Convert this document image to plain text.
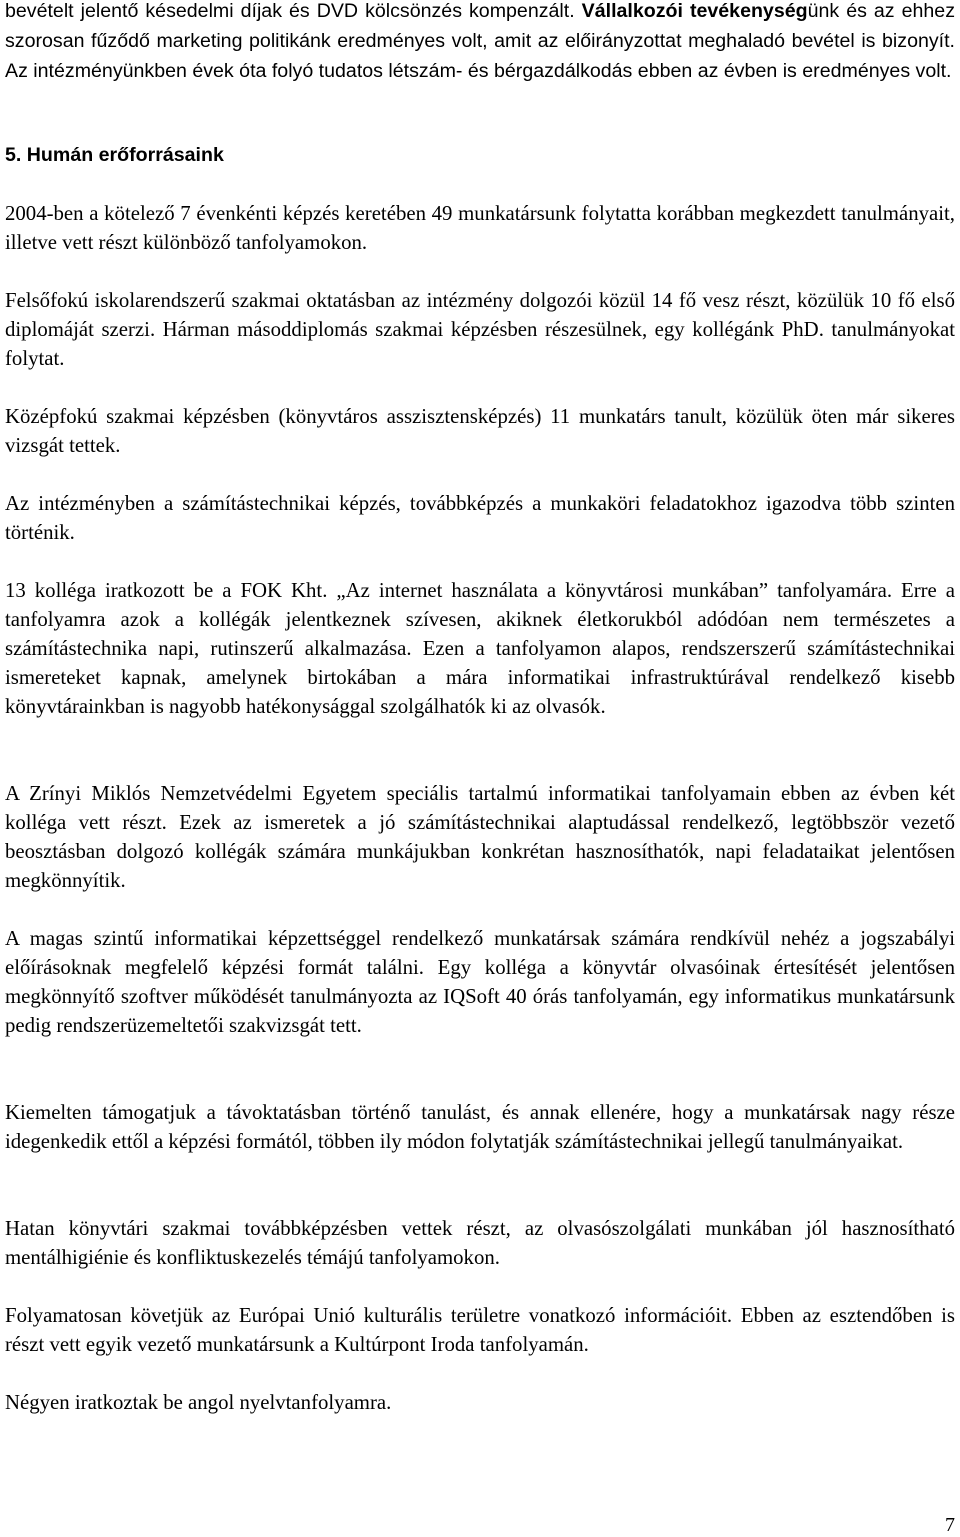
bevételt jelentő késedelmi díjak és DVD kölcsönzés kompenzált. Vállalkozói tevékenységünk és az ehhez szorosan fűződő marketing politikánk eredményes volt, amit az előirányzottat meghaladó bevétel is bizonyít. Az intézményünkben évek óta folyó tudatos létszám- és bérgazdálkodás ebben az évben is eredményes volt.

5. Humán erőforrásaink

2004-ben a kötelező 7 évenkénti képzés keretében 49 munkatársunk folytatta korábban megkezdett tanulmányait, illetve vett részt különböző tanfolyamokon.

Felsőfokú iskolarendszerű szakmai oktatásban az intézmény dolgozói közül 14 fő vesz részt, közülük 10 fő első diplomáját szerzi. Hárman másoddiplomás szakmai képzésben részesülnek, egy kollégánk PhD. tanulmányokat folytat.

Középfokú szakmai képzésben (könyvtáros asszisztensképzés) 11 munkatárs tanult, közülük öten már sikeres vizsgát tettek.

Az intézményben a számítástechnikai képzés, továbbképzés a munkaköri feladatokhoz igazodva több szinten történik.

13 kolléga iratkozott be a FOK Kht. „Az internet használata a könyvtárosi munkában” tanfolyamára. Erre a tanfolyamra azok a kollégák jelentkeznek szívesen, akiknek életkorukból adódóan nem természetes a számítástechnika napi, rutinszerű alkalmazása. Ezen a tanfolyamon alapos, rendszerszerű számítástechnikai ismereteket kapnak, amelynek birtokában a mára informatikai infrastruktúrával rendelkező kisebb könyvtárainkban is nagyobb hatékonysággal szolgálhatók ki az olvasók.

A Zrínyi Miklós Nemzetvédelmi Egyetem speciális tartalmú informatikai tanfolyamain ebben az évben két kolléga vett részt. Ezek az ismeretek a jó számítástechnikai alaptudással rendelkező, legtöbbször vezető beosztásban dolgozó kollégák számára munkájukban konkrétan hasznosíthatók, napi feladataikat jelentősen megkönnyítik.

A magas szintű informatikai képzettséggel rendelkező munkatársak számára rendkívül nehéz a jogszabályi előírásoknak megfelelő képzési formát találni. Egy kolléga a könyvtár olvasóinak értesítését jelentősen megkönnyítő szoftver működését tanulmányozta az IQSoft 40 órás tanfolyamán, egy informatikus munkatársunk pedig rendszerüzemeltetői szakvizsgát tett.

Kiemelten támogatjuk a távoktatásban történő tanulást, és annak ellenére, hogy a munkatársak nagy része idegenkedik ettől a képzési formától, többen ily módon folytatják számítástechnikai jellegű tanulmányaikat.

Hatan könyvtári szakmai továbbképzésben vettek részt, az olvasószolgálati munkában jól hasznosítható mentálhigiénie és konfliktuskezelés témájú tanfolyamokon.

Folyamatosan követjük az Európai Unió kulturális területre vonatkozó információit. Ebben az esztendőben is részt vett egyik vezető munkatársunk a Kultúrpont Iroda tanfolyamán.

Négyen iratkoztak be angol nyelvtanfolyamra.

7
